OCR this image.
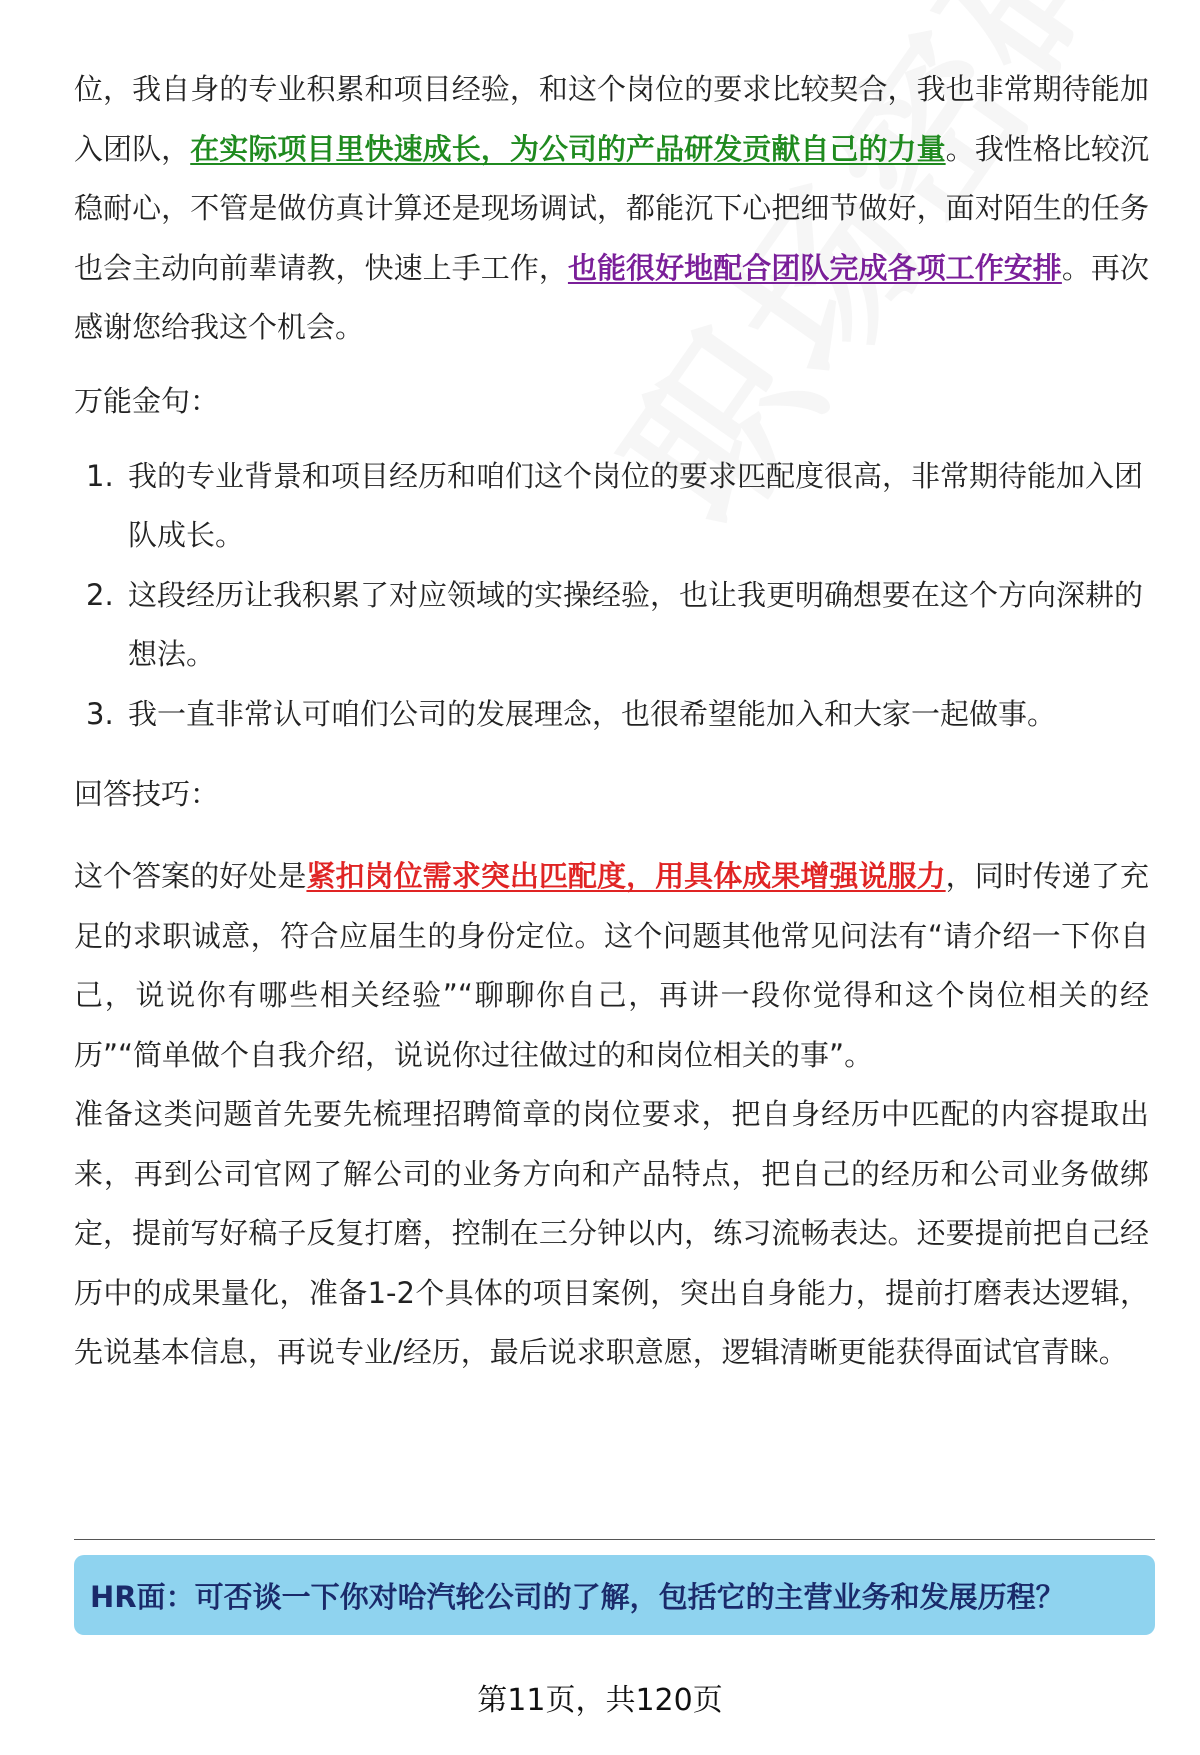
位，我自身的专业积累和项目经验，和这个岗位的要求比较契合，我也非常期待能加入团队，在实际项目里快速成长，为公司的产品研发贡献自己的力量。我性格比较沉稳耐心，不管是做仿真计算还是现场调试，都能沉下心把细节做好，面对陌生的任务也会主动向前辈请教，快速上手工作，也能很好地配合团队完成各项工作安排。再次感谢您给我这个机会。

万能金句：

1. 我的专业背景和项目经历和咱们这个岗位的要求匹配度很高，非常期待能加入团队成长。
2. 这段经历让我积累了对应领域的实操经验，也让我更明确想要在这个方向深耕的想法。
3. 我一直非常认可咱们公司的发展理念，也很希望能加入和大家一起做事。

回答技巧：

这个答案的好处是紧扣岗位需求突出匹配度，用具体成果增强说服力，同时传递了充足的求职诚意，符合应届生的身份定位。这个问题其他常见问法有“请介绍一下你自己，说说你有哪些相关经验”“聊聊你自己，再讲一段你觉得和这个岗位相关的经历”“简单做个自我介绍，说说你过往做过的和岗位相关的事”。

准备这类问题首先要先梳理招聘简章的岗位要求，把自身经历中匹配的内容提取出来，再到公司官网了解公司的业务方向和产品特点，把自己的经历和公司业务做绑定，提前写好稿子反复打磨，控制在三分钟以内，练习流畅表达。还要提前把自己经历中的成果量化，准备1-2个具体的项目案例，突出自身能力，提前打磨表达逻辑，先说基本信息，再说专业/经历，最后说求职意愿，逻辑清晰更能获得面试官青睐。

HR面：可否谈一下你对哈汽轮公司的了解，包括它的主营业务和发展历程？
第11页，共120页
